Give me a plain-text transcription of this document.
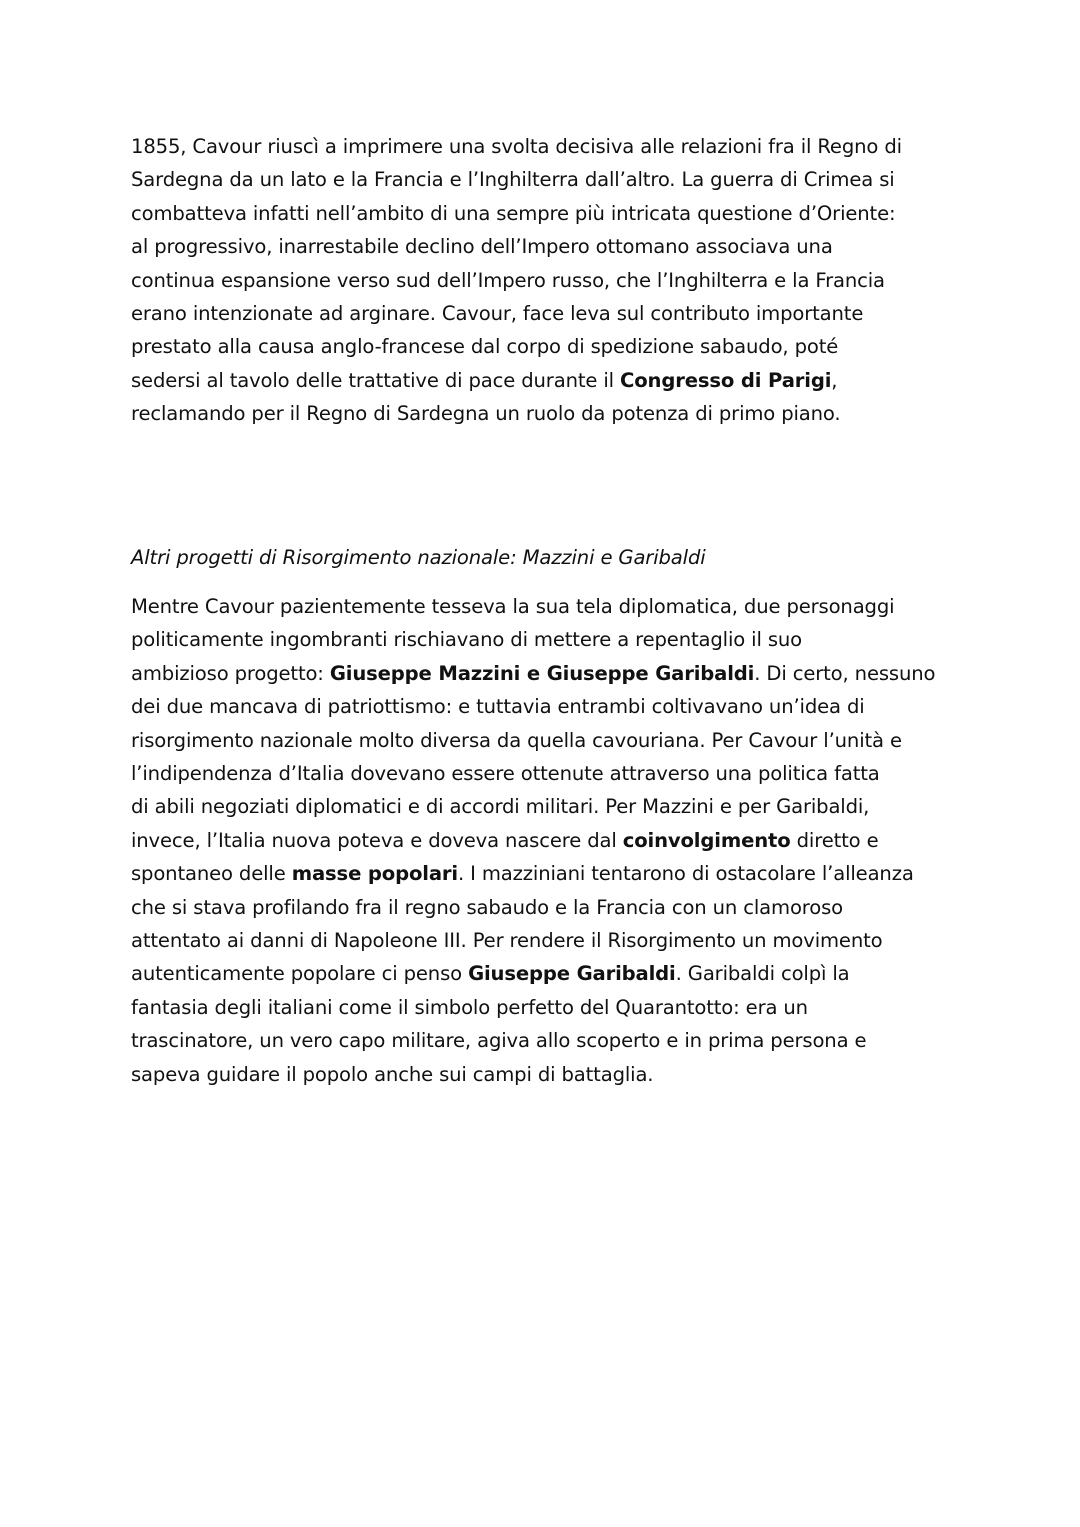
1855, Cavour riuscì a imprimere una svolta decisiva alle relazioni fra il Regno di
Sardegna da un lato e la Francia e l’Inghilterra dall’altro. La guerra di Crimea si
combatteva infatti nell’ambito di una sempre più intricata questione d’Oriente:
al progressivo, inarrestabile declino dell’Impero ottomano associava una
continua espansione verso sud dell’Impero russo, che l’Inghilterra e la Francia
erano intenzionate ad arginare. Cavour, face leva sul contributo importante
prestato alla causa anglo-francese dal corpo di spedizione sabaudo, poté
sedersi al tavolo delle trattative di pace durante il Congresso di Parigi,
reclamando per il Regno di Sardegna un ruolo da potenza di primo piano.
Altri progetti di Risorgimento nazionale: Mazzini e Garibaldi
Mentre Cavour pazientemente tesseva la sua tela diplomatica, due personaggi
politicamente ingombranti rischiavano di mettere a repentaglio il suo
ambizioso progetto: Giuseppe Mazzini e Giuseppe Garibaldi. Di certo, nessuno
dei due mancava di patriottismo: e tuttavia entrambi coltivavano un’idea di
risorgimento nazionale molto diversa da quella cavouriana. Per Cavour l’unità e
l’indipendenza d’Italia dovevano essere ottenute attraverso una politica fatta
di abili negoziati diplomatici e di accordi militari. Per Mazzini e per Garibaldi,
invece, l’Italia nuova poteva e doveva nascere dal coinvolgimento diretto e
spontaneo delle masse popolari. I mazziniani tentarono di ostacolare l’alleanza
che si stava profilando fra il regno sabaudo e la Francia con un clamoroso
attentato ai danni di Napoleone III. Per rendere il Risorgimento un movimento
autenticamente popolare ci penso Giuseppe Garibaldi. Garibaldi colpì la
fantasia degli italiani come il simbolo perfetto del Quarantotto: era un
trascinatore, un vero capo militare, agiva allo scoperto e in prima persona e
sapeva guidare il popolo anche sui campi di battaglia.
